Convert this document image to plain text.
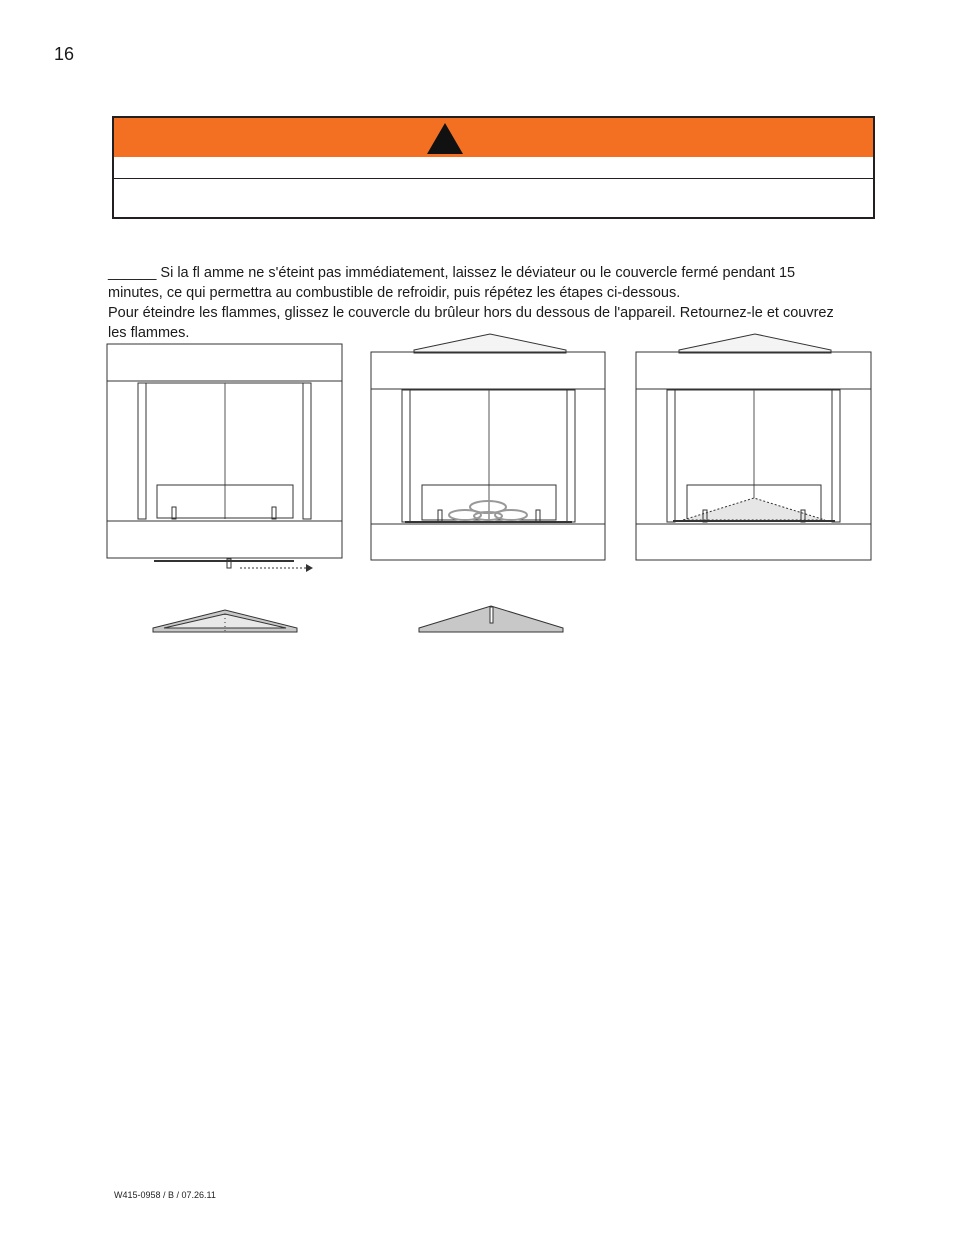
16

______ Si la fl amme ne s'éteint pas immédiatement, laissez le déviateur ou le couvercle fermé pendant 15 minutes, ce qui permettra au combustible de refroidir, puis répétez les étapes ci-dessous.

Pour éteindre les flammes, glissez le couvercle du brûleur hors du dessous de l'appareil. Retournez-le et couvrez les flammes.

W415-0958 / B / 07.26.11
